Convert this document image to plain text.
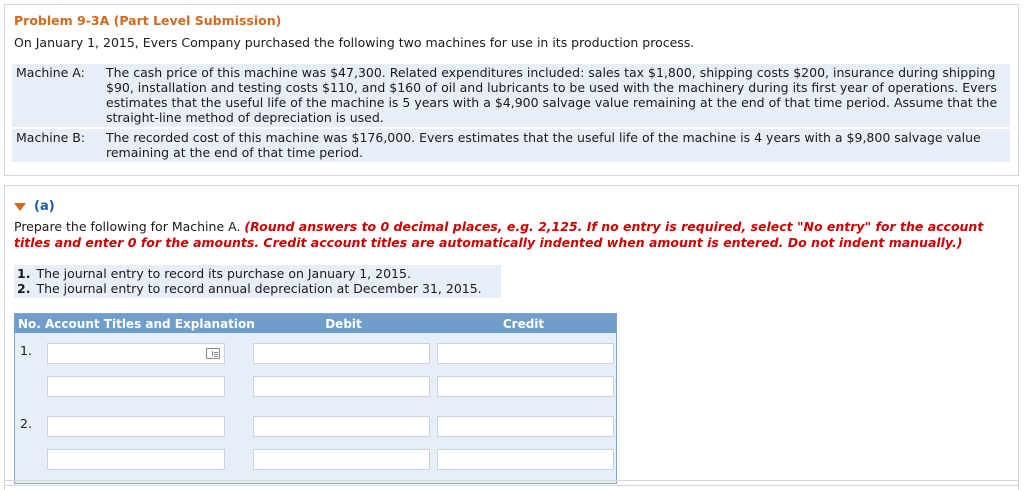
Problem 9-3A (Part Level Submission)
On January 1, 2015, Evers Company purchased the following two machines for use in its production process.
Machine A:	The cash price of this machine was $47,300. Related expenditures included: sales tax $1,800, shipping costs $200, insurance during shipping $90, installation and testing costs $110, and $160 of oil and lubricants to be used with the machinery during its first year of operations. Evers estimates that the useful life of the machine is 5 years with a $4,900 salvage value remaining at the end of that time period. Assume that the straight-line method of depreciation is used.
Machine B:	The recorded cost of this machine was $176,000. Evers estimates that the useful life of the machine is 4 years with a $9,800 salvage value remaining at the end of that time period.
(a)
Prepare the following for Machine A. (Round answers to 0 decimal places, e.g. 2,125. If no entry is required, select "No entry" for the account titles and enter 0 for the amounts. Credit account titles are automatically indented when amount is entered. Do not indent manually.)
1. The journal entry to record its purchase on January 1, 2015.
2. The journal entry to record annual depreciation at December 31, 2015.
No. Account Titles and Explanation	Debit	Credit
1.
2.
